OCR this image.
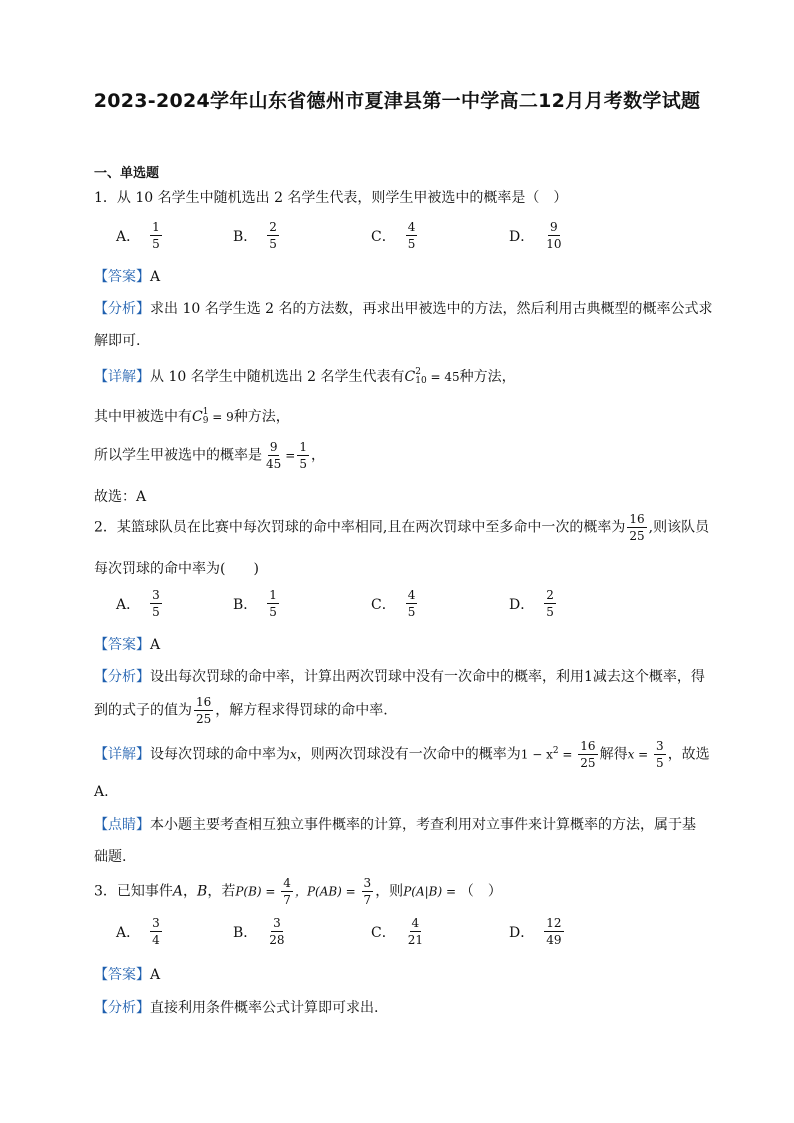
2023-2024学年山东省德州市夏津县第一中学高二12月月考数学试题
一、单选题
1．从 10 名学生中随机选出 2 名学生代表，则学生甲被选中的概率是（　）
A． $\frac{1}{5}$	B． $\frac{2}{5}$	C． $\frac{4}{5}$	D． $\frac{9}{10}$
【答案】A
【分析】求出 10 名学生选 2 名的方法数，再求出甲被选中的方法，然后利用古典概型的概率公式求
解即可.
【详解】从 10 名学生中随机选出 2 名学生代表有C 2
10 = 45种方法，
其中甲被选中有C 1
9 = 9种方法，
所以学生甲被选中的概率是 $\frac{9}{45} = \frac{1}{5}$ ，
故选：A
2．某篮球队员在比赛中每次罚球的命中率相同,且在两次罚球中至多命中一次的概率为 $\frac{16}{25}$ ,则该队员
每次罚球的命中率为(　　)
A． $\frac{3}{5}$	B． $\frac{1}{5}$	C． $\frac{4}{5}$	D． $\frac{2}{5}$
【答案】A
【分析】设出每次罚球的命中率，计算出两次罚球中没有一次命中的概率，利用1减去这个概率，得
到的式子的值为 $\frac{16}{25}$ ，解方程求得罚球的命中率.
【详解】设每次罚球的命中率为x，则两次罚球没有一次命中的概率为$1 - x^2 = \frac{16}{25}$ 解得$x = \frac{3}{5}$ ，故选
A.
【点睛】本小题主要考查相互独立事件概率的计算，考查利用对立事件来计算概率的方法，属于基
础题.
3．已知事件A，B，若$P(B) = \frac{4}{7}$ ，$P(AB) = \frac{3}{7}$ ，则P(A|B) = （　）
A． $\frac{3}{4}$	B． $\frac{3}{28}$	C． $\frac{4}{21}$	D． $\frac{12}{49}$
【答案】A
【分析】直接利用条件概率公式计算即可求出.
